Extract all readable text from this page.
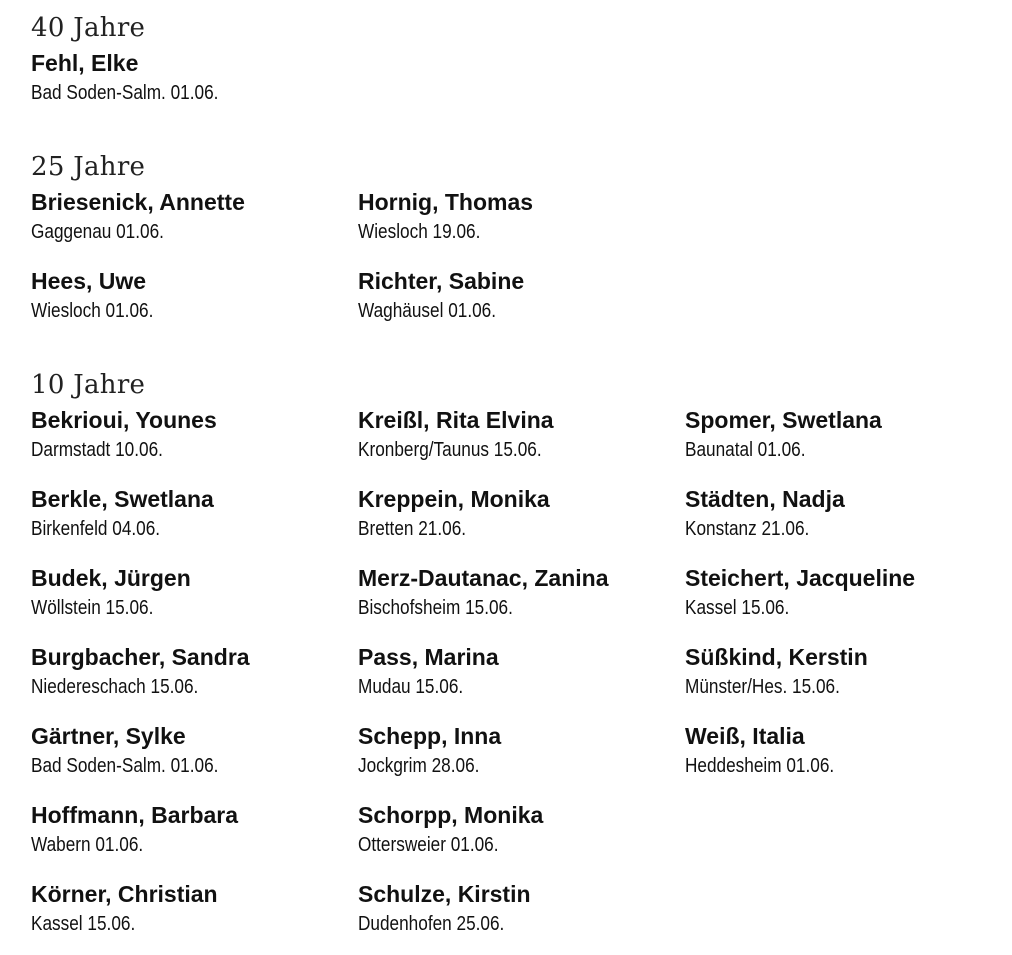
40 Jahre
Fehl, Elke
Bad Soden-Salm. 01.06.
25 Jahre
Briesenick, Annette
Gaggenau 01.06.
Hees, Uwe
Wiesloch 01.06.
Hornig, Thomas
Wiesloch 19.06.
Richter, Sabine
Waghäusel 01.06.
10 Jahre
Bekrioui, Younes
Darmstadt 10.06.
Berkle, Swetlana
Birkenfeld 04.06.
Budek, Jürgen
Wöllstein 15.06.
Burgbacher, Sandra
Niedereschach 15.06.
Gärtner, Sylke
Bad Soden-Salm. 01.06.
Hoffmann, Barbara
Wabern 01.06.
Körner, Christian
Kassel 15.06.
Kreißl, Rita Elvina
Kronberg/Taunus 15.06.
Kreppein, Monika
Bretten 21.06.
Merz-Dautanac, Zanina
Bischofsheim 15.06.
Pass, Marina
Mudau 15.06.
Schepp, Inna
Jockgrim 28.06.
Schorpp, Monika
Ottersweier 01.06.
Schulze, Kirstin
Dudenhofen 25.06.
Spomer, Swetlana
Baunatal 01.06.
Städten, Nadja
Konstanz 21.06.
Steichert, Jacqueline
Kassel 15.06.
Süßkind, Kerstin
Münster/Hes. 15.06.
Weiß, Italia
Heddesheim 01.06.
